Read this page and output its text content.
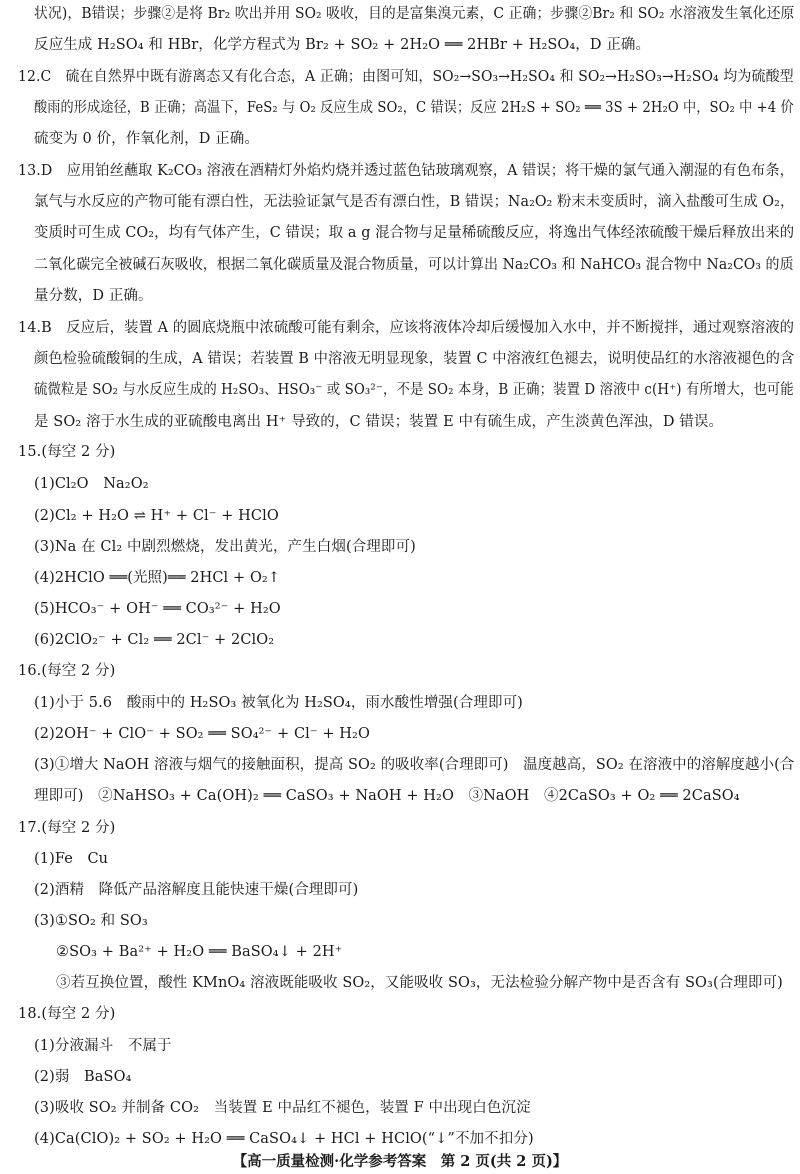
状况)，B错误；步骤②是将 Br₂ 吹出并用 SO₂ 吸收，目的是富集溴元素，C 正确；步骤②Br₂ 和 SO₂ 水溶液发生氧化还原
反应生成 H₂SO₄ 和 HBr，化学方程式为 Br₂ + SO₂ + 2H₂O ══ 2HBr + H₂SO₄，D 正确。
12.C　硫在自然界中既有游离态又有化合态，A 正确；由图可知，SO₂→SO₃→H₂SO₄ 和 SO₂→H₂SO₃→H₂SO₄ 均为硫酸型
酸雨的形成途径，B 正确；高温下，FeS₂ 与 O₂ 反应生成 SO₂，C 错误；反应 2H₂S + SO₂ ══ 3S + 2H₂O 中，SO₂ 中 +4 价
硫变为 0 价，作氧化剂，D 正确。
13.D　应用铂丝蘸取 K₂CO₃ 溶液在酒精灯外焰灼烧并透过蓝色钴玻璃观察，A 错误；将干燥的氯气通入潮湿的有色布条，
氯气与水反应的产物可能有漂白性，无法验证氯气是否有漂白性，B 错误；Na₂O₂ 粉末未变质时，滴入盐酸可生成 O₂，
变质时可生成 CO₂，均有气体产生，C 错误；取 a g 混合物与足量稀硫酸反应，将逸出气体经浓硫酸干燥后释放出来的
二氧化碳完全被碱石灰吸收，根据二氧化碳质量及混合物质量，可以计算出 Na₂CO₃ 和 NaHCO₃ 混合物中 Na₂CO₃ 的质
量分数，D 正确。
14.B　反应后，装置 A 的圆底烧瓶中浓硫酸可能有剩余，应该将液体冷却后缓慢加入水中，并不断搅拌，通过观察溶液的
颜色检验硫酸铜的生成，A 错误；若装置 B 中溶液无明显现象，装置 C 中溶液红色褪去，说明使品红的水溶液褪色的含
硫微粒是 SO₂ 与水反应生成的 H₂SO₃、HSO₃⁻ 或 SO₃²⁻，不是 SO₂ 本身，B 正确；装置 D 溶液中 c(H⁺) 有所增大，也可能
是 SO₂ 溶于水生成的亚硫酸电离出 H⁺ 导致的，C 错误；装置 E 中有硫生成，产生淡黄色浑浊，D 错误。
15.(每空 2 分)
(1)Cl₂O　Na₂O₂
(2)Cl₂ + H₂O ⇌ H⁺ + Cl⁻ + HClO
(3)Na 在 Cl₂ 中剧烈燃烧，发出黄光，产生白烟(合理即可)
(4)2HClO ══(光照)══ 2HCl + O₂↑
(5)HCO₃⁻ + OH⁻ ══ CO₃²⁻ + H₂O
(6)2ClO₂⁻ + Cl₂ ══ 2Cl⁻ + 2ClO₂
16.(每空 2 分)
(1)小于 5.6　酸雨中的 H₂SO₃ 被氧化为 H₂SO₄，雨水酸性增强(合理即可)
(2)2OH⁻ + ClO⁻ + SO₂ ══ SO₄²⁻ + Cl⁻ + H₂O
(3)①增大 NaOH 溶液与烟气的接触面积，提高 SO₂ 的吸收率(合理即可)　温度越高，SO₂ 在溶液中的溶解度越小(合
理即可)　②NaHSO₃ + Ca(OH)₂ ══ CaSO₃ + NaOH + H₂O　③NaOH　④2CaSO₃ + O₂ ══ 2CaSO₄
17.(每空 2 分)
(1)Fe　Cu
(2)酒精　降低产品溶解度且能快速干燥(合理即可)
(3)①SO₂ 和 SO₃
②SO₃ + Ba²⁺ + H₂O ══ BaSO₄↓ + 2H⁺
③若互换位置，酸性 KMnO₄ 溶液既能吸收 SO₂，又能吸收 SO₃，无法检验分解产物中是否含有 SO₃(合理即可)
18.(每空 2 分)
(1)分液漏斗　不属于
(2)弱　BaSO₄
(3)吸收 SO₂ 并制备 CO₂　当装置 E 中品红不褪色，装置 F 中出现白色沉淀
(4)Ca(ClO)₂ + SO₂ + H₂O ══ CaSO₄↓ + HCl + HClO(“↓”不加不扣分)
【高一质量检测·化学参考答案　第 2 页(共 2 页)】
